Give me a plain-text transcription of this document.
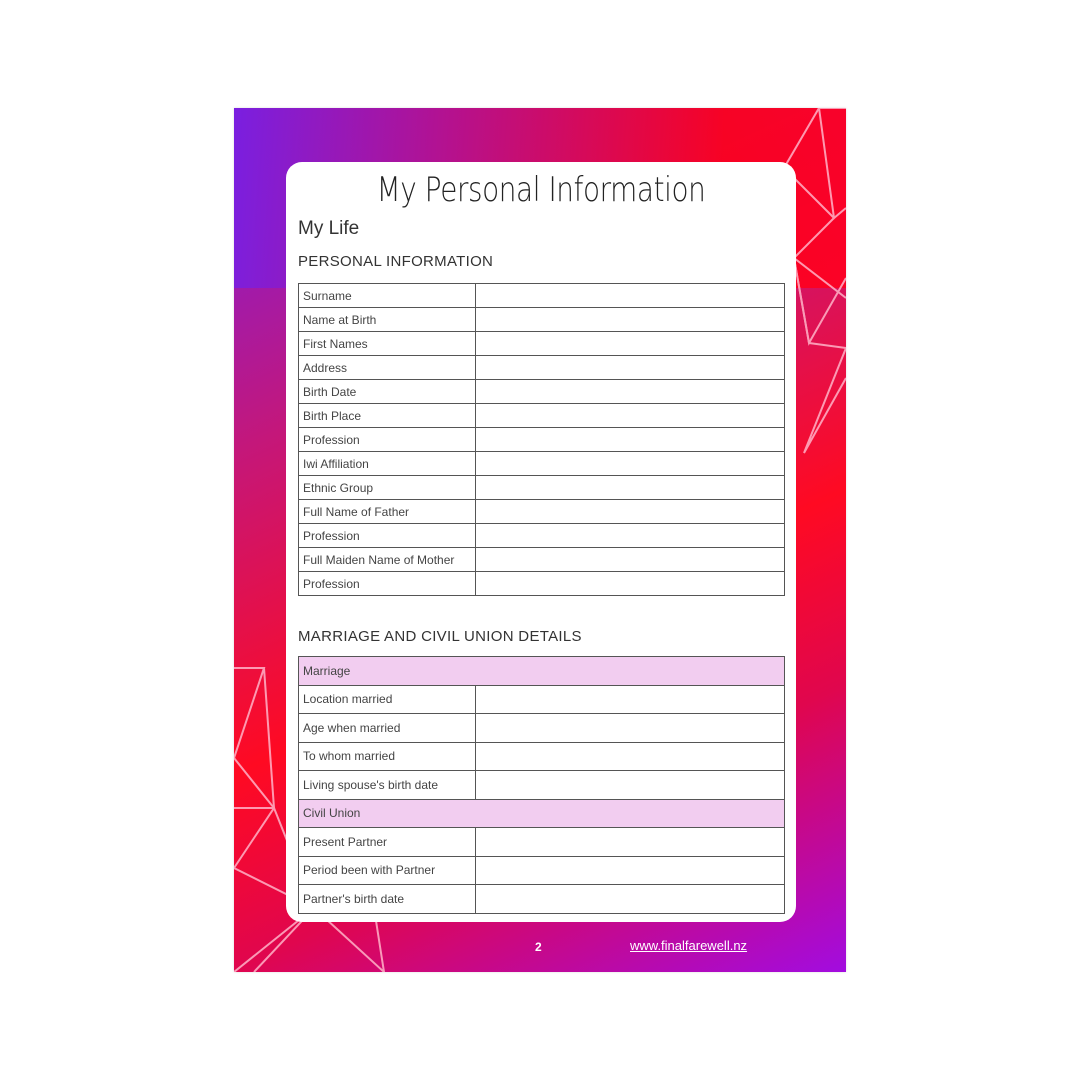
My Personal Information
My Life
PERSONAL INFORMATION
Surname	
Name at Birth	
First Names	
Address	
Birth Date	
Birth Place	
Profession	
Iwi Affiliation	
Ethnic Group	
Full Name of Father	
Profession	
Full Maiden Name of Mother	
Profession	
MARRIAGE AND CIVIL UNION DETAILS
Marriage	
Location married	
Age when married	
To whom married	
Living spouse's birth date	
Civil Union	
Present Partner	
Period been with Partner	
Partner's birth date	
2	www.finalfarewell.nz
